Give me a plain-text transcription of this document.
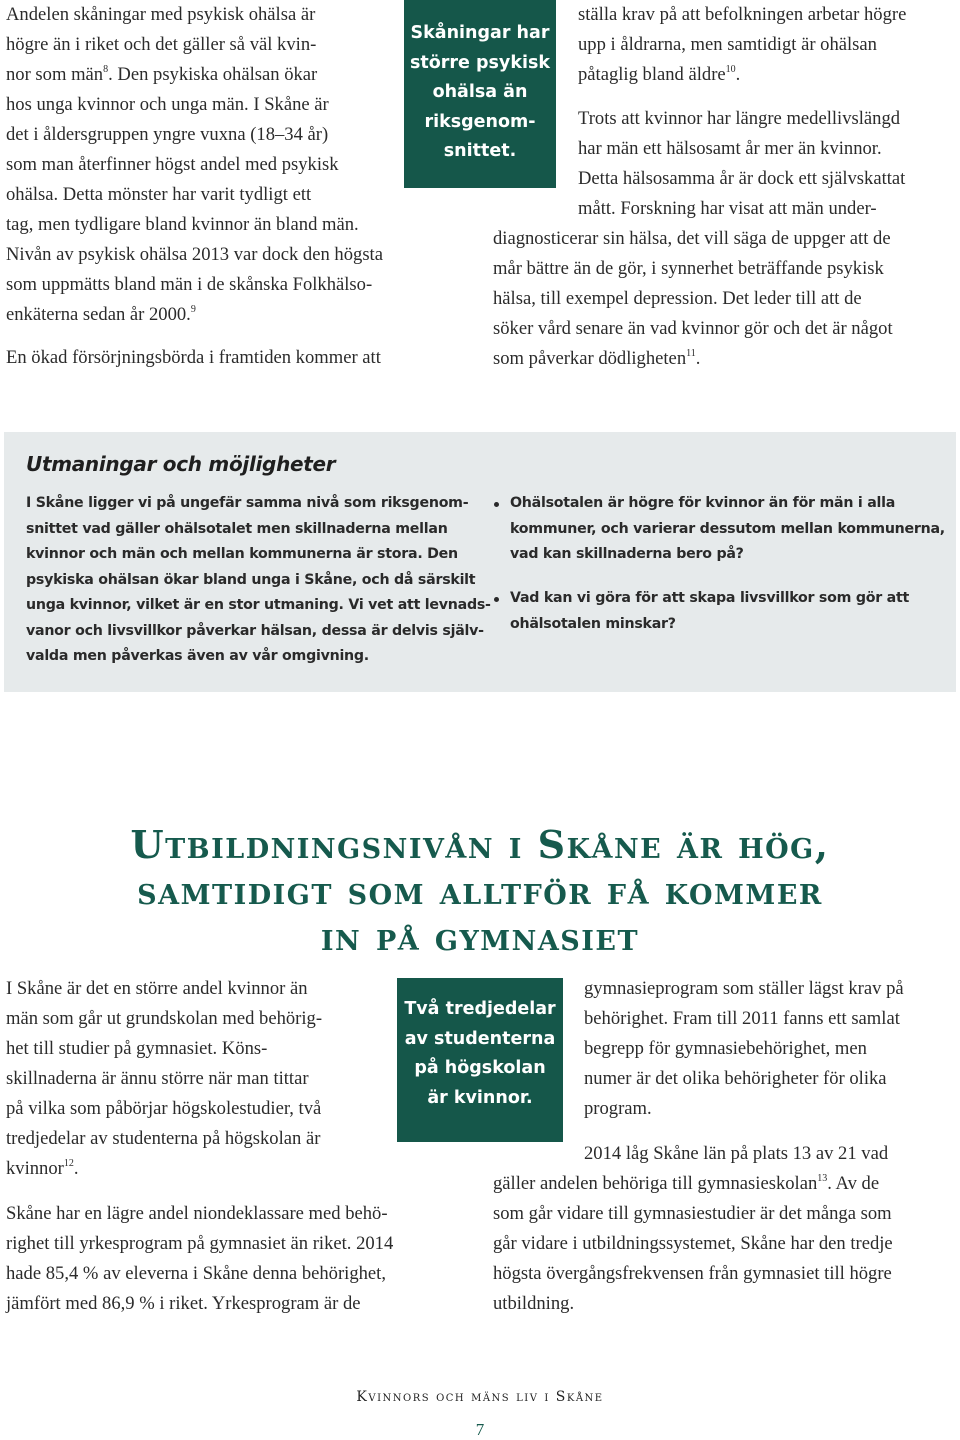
Andelen skåningar med psykisk ohälsa är
högre än i riket och det gäller så väl kvin-
nor som män$^8$. Den psykiska ohälsan ökar
hos unga kvinnor och unga män. I Skåne är
det i åldersgruppen yngre vuxna (18–34 år)
som man återfinner högst andel med psykisk
ohälsa. Detta mönster har varit tydligt ett
tag, men tydligare bland kvinnor än bland män.
Nivån av psykisk ohälsa 2013 var dock den högsta
som uppmätts bland män i de skånska Folkhälso-
enkäterna sedan år 2000.$^9$
En ökad försörjningsbörda i framtiden kommer att
Skåningar har
större psykisk
ohälsa än
riksgenom-
snittet.
ställa krav på att befolkningen arbetar högre
upp i åldrarna, men samtidigt är ohälsan
påtaglig bland äldre$^{10}$.
Trots att kvinnor har längre medellivslängd
har män ett hälsosamt år mer än kvinnor.
Detta hälsosamma år är dock ett självskattat
mått. Forskning har visat att män under-
diagnosticerar sin hälsa, det vill säga de uppger att de
mår bättre än de gör, i synnerhet beträffande psykisk
hälsa, till exempel depression. Det leder till att de
söker vård senare än vad kvinnor gör och det är något
som påverkar dödligheten$^{11}$.
Utmaningar och möjligheter
I Skåne ligger vi på ungefär samma nivå som riksgenom-
snittet vad gäller ohälsotalet men skillnaderna mellan
kvinnor och män och mellan kommunerna är stora. Den
psykiska ohälsan ökar bland unga i Skåne, och då särskilt
unga kvinnor, vilket är en stor utmaning. Vi vet att levnads-
vanor och livsvillkor påverkar hälsan, dessa är delvis själv-
valda men påverkas även av vår omgivning.
Ohälsotalen är högre för kvinnor än för män i alla
kommuner, och varierar dessutom mellan kommunerna,
vad kan skillnaderna bero på?
Vad kan vi göra för att skapa livsvillkor som gör att
ohälsotalen minskar?
Utbildningsnivån i Skåne är hög,
samtidigt som alltför få kommer
in på gymnasiet
I Skåne är det en större andel kvinnor än
män som går ut grundskolan med behörig-
het till studier på gymnasiet. Köns-
skillnaderna är ännu större när man tittar
på vilka som påbörjar högskolestudier, två
tredjedelar av studenterna på högskolan är
kvinnor$^{12}$.
Skåne har en lägre andel niondeklassare med behö-
righet till yrkesprogram på gymnasiet än riket. 2014
hade 85,4 % av eleverna i Skåne denna behörighet,
jämfört med 86,9 % i riket. Yrkesprogram är de
Två tredjedelar
av studenterna
på högskolan
är kvinnor.
gymnasieprogram som ställer lägst krav på
behörighet. Fram till 2011 fanns ett samlat
begrepp för gymnasiebehörighet, men
numer är det olika behörigheter för olika
program.
2014 låg Skåne län på plats 13 av 21 vad
gäller andelen behöriga till gymnasieskolan$^{13}$. Av de
som går vidare till gymnasiestudier är det många som
går vidare i utbildningssystemet, Skåne har den tredje
högsta övergångsfrekvensen från gymnasiet till högre
utbildning.
Kvinnors och mäns liv i Skåne
7
